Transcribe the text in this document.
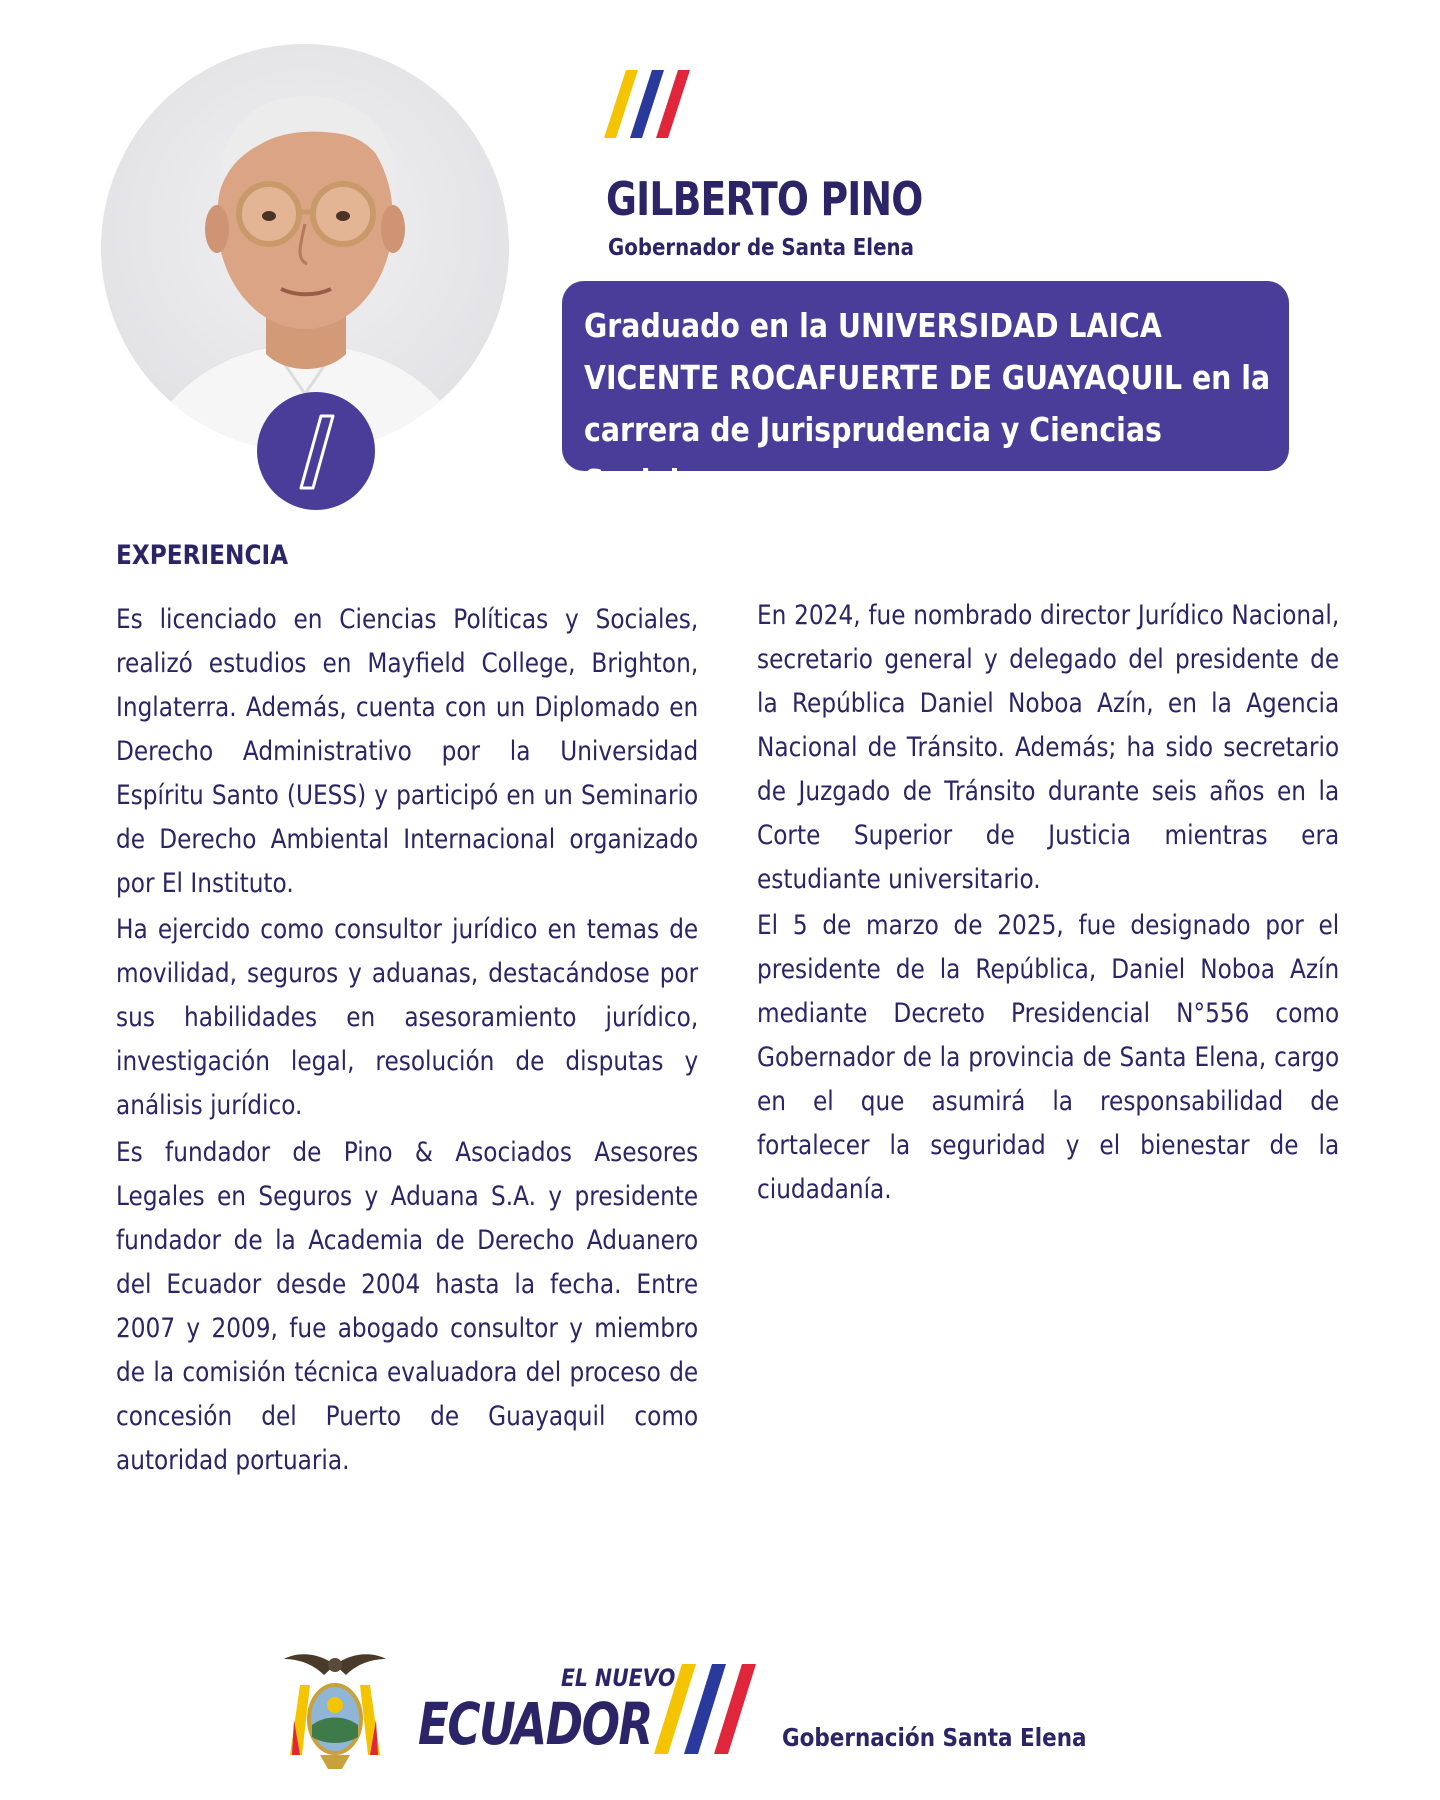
GILBERTO PINO
Gobernador de Santa Elena
Graduado en la UNIVERSIDAD LAICA VICENTE ROCAFUERTE DE GUAYAQUIL en la carrera de Jurisprudencia y Ciencias Sociales.
EXPERIENCIA

Es licenciado en Ciencias Políticas y Sociales, realizó estudios en Mayfield College, Brighton, Inglaterra. Además, cuenta con un Diplomado en Derecho Administrativo por la Universidad Espíritu Santo (UESS) y participó en un Seminario de Derecho Ambiental Internacional organizado por El Instituto.

Ha ejercido como consultor jurídico en temas de movilidad, seguros y aduanas, destacándose por sus habilidades en asesoramiento jurídico, investigación legal, resolución de disputas y análisis jurídico.

Es fundador de Pino & Asociados Asesores Legales en Seguros y Aduana S.A. y presidente fundador de la Academia de Derecho Aduanero del Ecuador desde 2004 hasta la fecha. Entre 2007 y 2009, fue abogado consultor y miembro de la comisión técnica evaluadora del proceso de concesión del Puerto de Guayaquil como autoridad portuaria.

En 2024, fue nombrado director Jurídico Nacional, secretario general y delegado del presidente de la República Daniel Noboa Azín, en la Agencia Nacional de Tránsito. Además; ha sido secretario de Juzgado de Tránsito durante seis años en la Corte Superior de Justicia mientras era estudiante universitario.

El 5 de marzo de 2025, fue designado por el presidente de la República, Daniel Noboa Azín mediante Decreto Presidencial N°556 como Gobernador de la provincia de Santa Elena, cargo en el que asumirá la responsabilidad de fortalecer la seguridad y el bienestar de la ciudadanía.

EL NUEVO
ECUADOR	Gobernación Santa Elena
